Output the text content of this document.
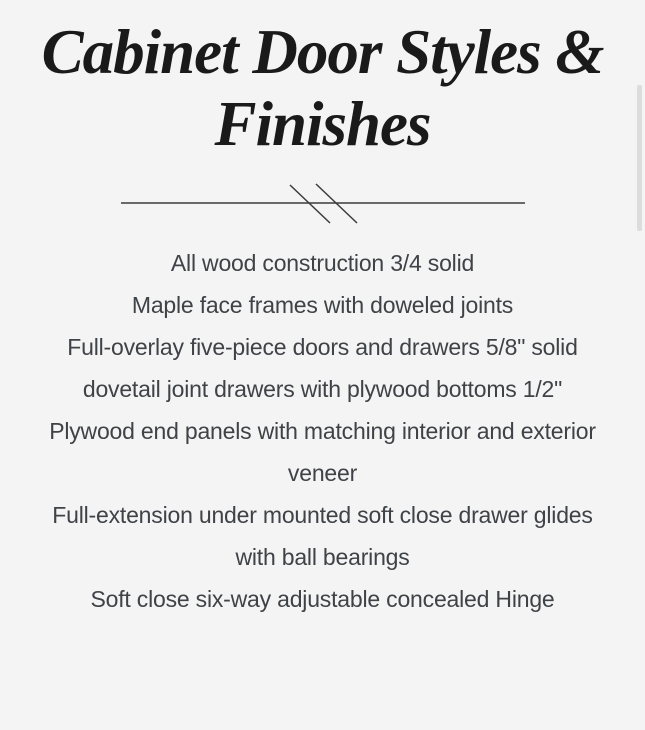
Cabinet Door Styles & Finishes

All wood construction 3/4 solid

Maple face frames with doweled joints

Full-overlay five-piece doors and drawers 5/8" solid

dovetail joint drawers with plywood bottoms 1/2"

Plywood end panels with matching interior and exterior

veneer

Full-extension under mounted soft close drawer glides

with ball bearings

Soft close six-way adjustable concealed Hinge
